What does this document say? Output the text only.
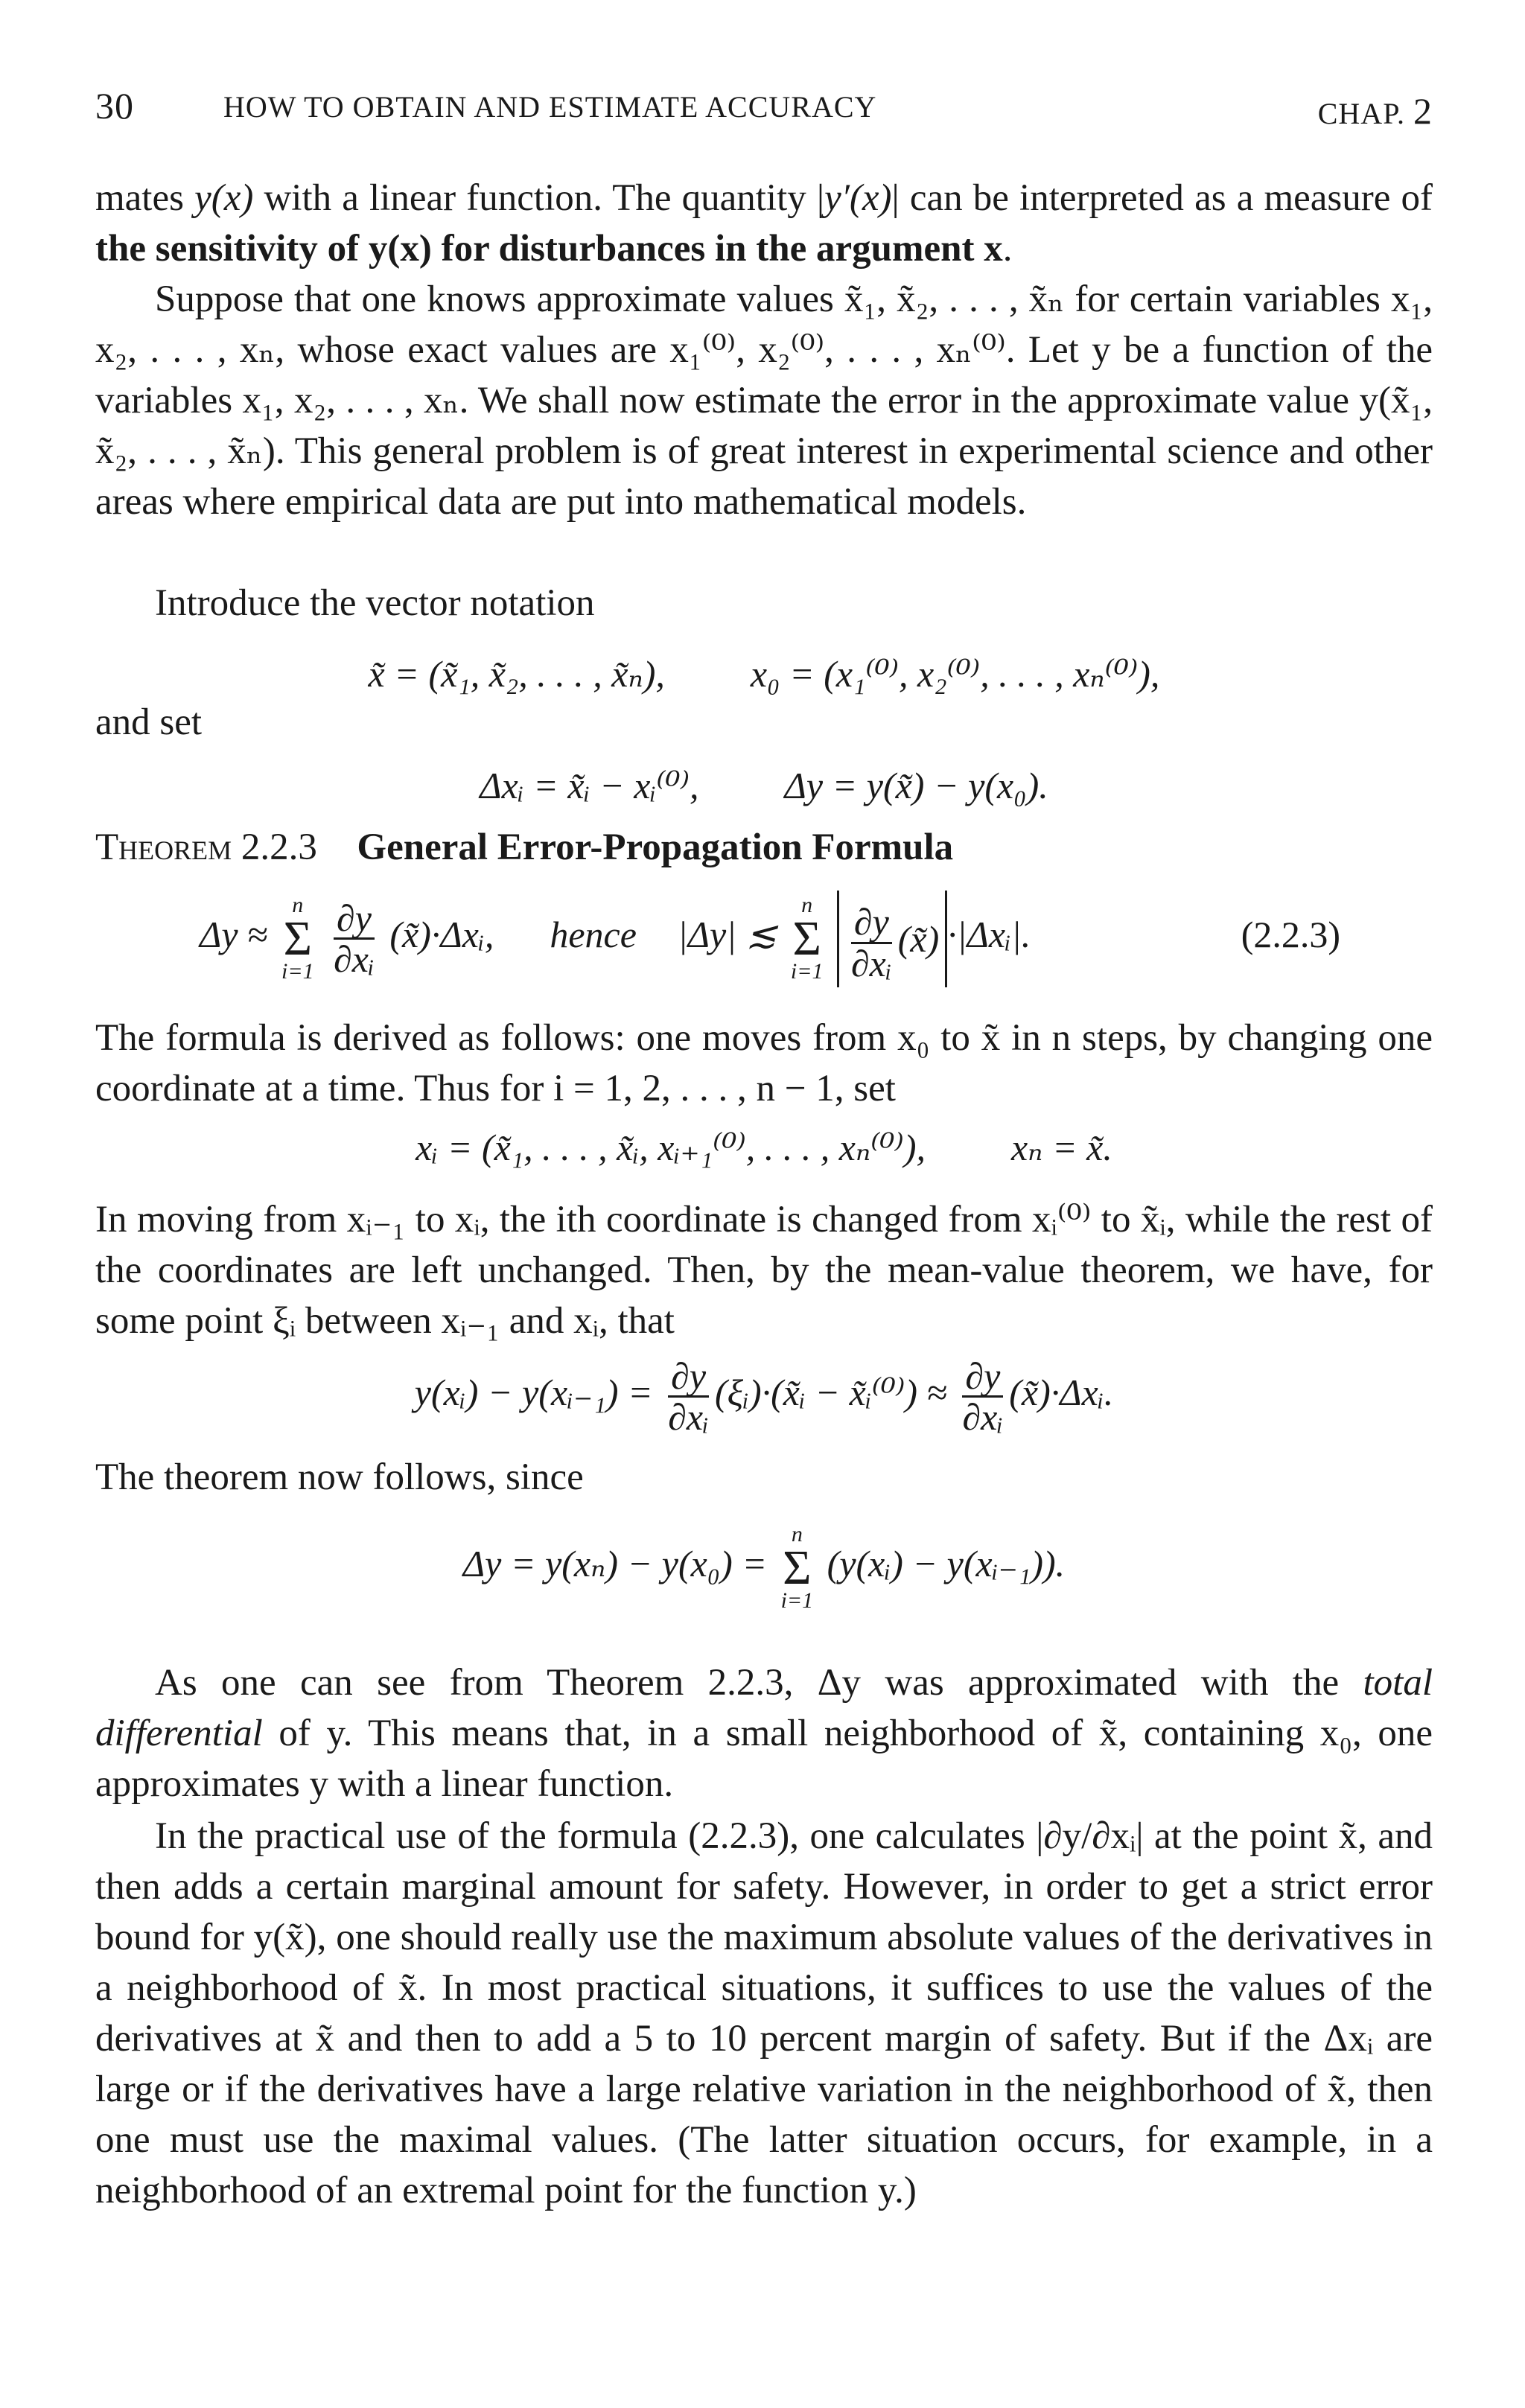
30	HOW TO OBTAIN AND ESTIMATE ACCURACY	CHAP. 2

mates y(x) with a linear function. The quantity |y′(x)| can be interpreted as a measure of the sensitivity of y(x) for disturbances in the argument x.

Suppose that one knows approximate values x̃₁, x̃₂, . . . , x̃ₙ for certain variables x₁, x₂, . . . , xₙ, whose exact values are x₁⁽⁰⁾, x₂⁽⁰⁾, . . . , xₙ⁽⁰⁾. Let y be a function of the variables x₁, x₂, . . . , xₙ. We shall now estimate the error in the approximate value y(x̃₁, x̃₂, . . . , x̃ₙ). This general problem is of great interest in experimental science and other areas where empirical data are put into mathematical models.

Introduce the vector notation

x̃ = (x̃₁, x̃₂, . . . , x̃ₙ), x₀ = (x₁⁽⁰⁾, x₂⁽⁰⁾, . . . , xₙ⁽⁰⁾),

and set

Δxᵢ = x̃ᵢ − xᵢ⁽⁰⁾, Δy = y(x̃) − y(x₀).

Theorem 2.2.3 General Error-Propagation Formula

Δy ≈
n
Σ
i=1
$\frac{\partial y}{\text{∂xᵢ}}$ (x̃)·Δxᵢ, hence |Δy| ≲
n
Σ
i=1
$\frac{\partial y}{\text{∂xᵢ}}$ (x̃) ·|Δxᵢ|.	(2.2.3)

The formula is derived as follows: one moves from x₀ to x̃ in n steps, by changing one coordinate at a time. Thus for i = 1, 2, . . . , n − 1, set

xᵢ = (x̃₁, . . . , x̃ᵢ, xᵢ₊₁⁽⁰⁾, . . . , xₙ⁽⁰⁾), xₙ = x̃.

In moving from xᵢ₋₁ to xᵢ, the ith coordinate is changed from xᵢ⁽⁰⁾ to x̃ᵢ, while the rest of the coordinates are left unchanged. Then, by the mean-value theorem, we have, for some point ξᵢ between xᵢ₋₁ and xᵢ, that

y(xᵢ) − y(xᵢ₋₁) = $\frac{\partial y}{\text{∂xᵢ}}$ (ξᵢ)·(x̃ᵢ − x̃ᵢ⁽⁰⁾) ≈ $\frac{\partial y}{\text{∂xᵢ}}$ (x̃)·Δxᵢ.

The theorem now follows, since

Δy = y(xₙ) − y(x₀) =
n
Σ
i=1
(y(xᵢ) − y(xᵢ₋₁)).

As one can see from Theorem 2.2.3, Δy was approximated with the total differential of y. This means that, in a small neighborhood of x̃, containing x₀, one approximates y with a linear function.

In the practical use of the formula (2.2.3), one calculates |∂y/∂xᵢ| at the point x̃, and then adds a certain marginal amount for safety. However, in order to get a strict error bound for y(x̃), one should really use the maximum absolute values of the derivatives in a neighborhood of x̃. In most practical situations, it suffices to use the values of the derivatives at x̃ and then to add a 5 to 10 percent margin of safety. But if the Δxᵢ are large or if the derivatives have a large relative variation in the neighborhood of x̃, then one must use the maximal values. (The latter situation occurs, for example, in a neighborhood of an extremal point for the function y.)
